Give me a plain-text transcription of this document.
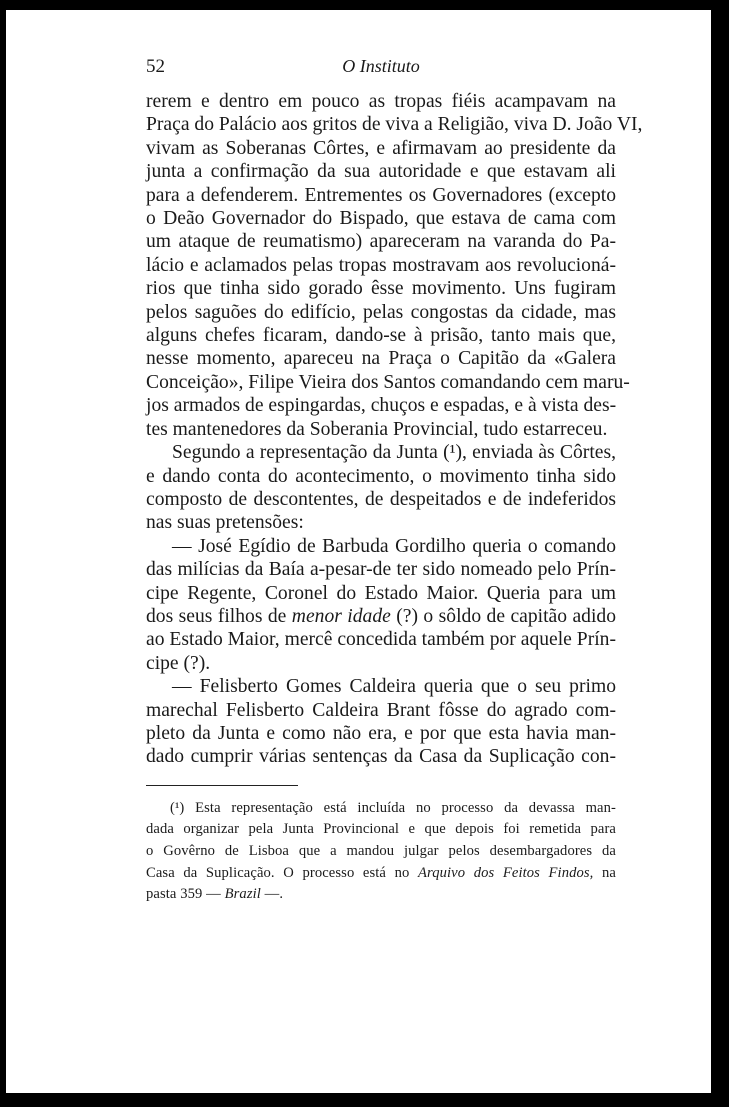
52	O Instituto

rerem e dentro em pouco as tropas fiéis acampavam na
Praça do Palácio aos gritos de viva a Religião, viva D. João VI,
vivam as Soberanas Côrtes, e afirmavam ao presidente da
junta a confirmação da sua autoridade e que estavam ali
para a defenderem. Entrementes os Governadores (excepto
o Deão Governador do Bispado, que estava de cama com
um ataque de reumatismo) apareceram na varanda do Pa-
lácio e aclamados pelas tropas mostravam aos revolucioná-
rios que tinha sido gorado êsse movimento. Uns fugiram
pelos saguões do edifício, pelas congostas da cidade, mas
alguns chefes ficaram, dando-se à prisão, tanto mais que,
nesse momento, apareceu na Praça o Capitão da «Galera
Conceição», Filipe Vieira dos Santos comandando cem maru-
jos armados de espingardas, chuços e espadas, e à vista des-
tes mantenedores da Soberania Provincial, tudo estarreceu.

Segundo a representação da Junta (¹), enviada às Côrtes,
e dando conta do acontecimento, o movimento tinha sido
composto de descontentes, de despeitados e de indeferidos
nas suas pretensões:

— José Egídio de Barbuda Gordilho queria o comando
das milícias da Baía a-pesar-de ter sido nomeado pelo Prín-
cipe Regente, Coronel do Estado Maior. Queria para um
dos seus filhos de menor idade (?) o sôldo de capitão adido
ao Estado Maior, mercê concedida também por aquele Prín-
cipe (?).

— Felisberto Gomes Caldeira queria que o seu primo
marechal Felisberto Caldeira Brant fôsse do agrado com-
pleto da Junta e como não era, e por que esta havia man-
dado cumprir várias sentenças da Casa da Suplicação con-

(¹) Esta representação está incluída no processo da devassa man-
dada organizar pela Junta Provincional e que depois foi remetida para
o Govêrno de Lisboa que a mandou julgar pelos desembargadores da
Casa da Suplicação. O processo está no Arquivo dos Feitos Findos, na
pasta 359 — Brazil —.
